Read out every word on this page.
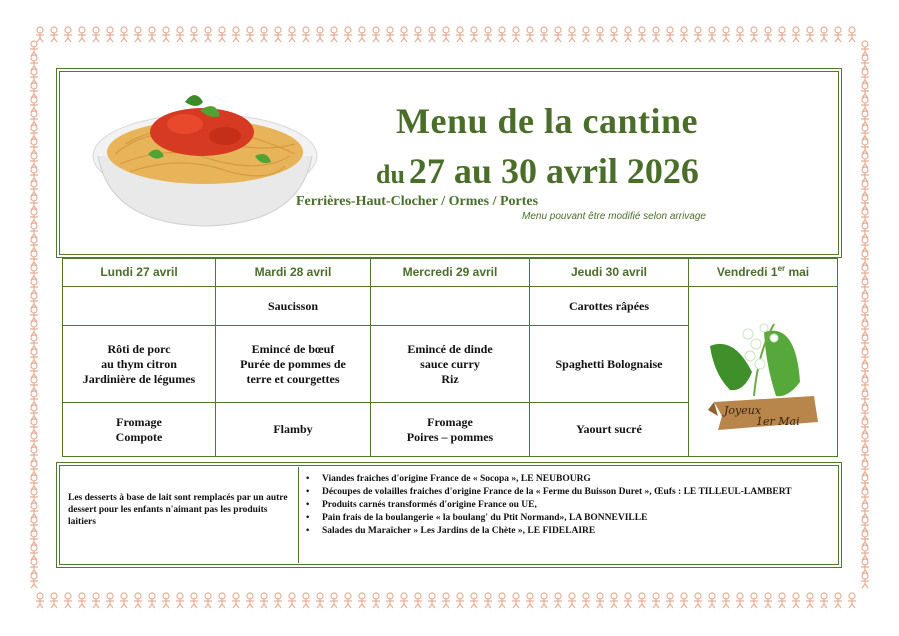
Menu de la cantine
du 27 au 30 avril 2026
Ferrières-Haut-Clocher / Ormes / Portes
Menu pouvant être modifié selon arrivage
Lundi 27 avril	Mardi 28 avril	Mercredi 29 avril	Jeudi 30 avril	Vendredi 1er mai
	Saucisson		Carottes râpées	

Rôti de porc
au thym citron
Jardinière de légumes	Emincé de bœuf
Purée de pommes de
terre et courgettes	Emincé de dinde
sauce curry
Riz	Spaghetti Bolognaise	

Fromage
Compote	Flamby	Fromage
Poires – pommes	Yaourt sucré	
Joyeux
1er Mai
Les desserts à base de lait sont remplacés par un autre dessert pour les enfants n'aimant pas les produits laitiers
• Viandes fraiches d'origine France de « Socopa », LE NEUBOURG
• Découpes de volailles fraiches d'origine France de la « Ferme du Buisson Duret », Œufs : LE TILLEUL-LAMBERT
• Produits carnés transformés d'origine France ou UE,
• Pain frais de la boulangerie « la boulang' du Ptit Normand», LA BONNEVILLE
• Salades du Maraîcher » Les Jardins de la Chète », LE FIDELAIRE
